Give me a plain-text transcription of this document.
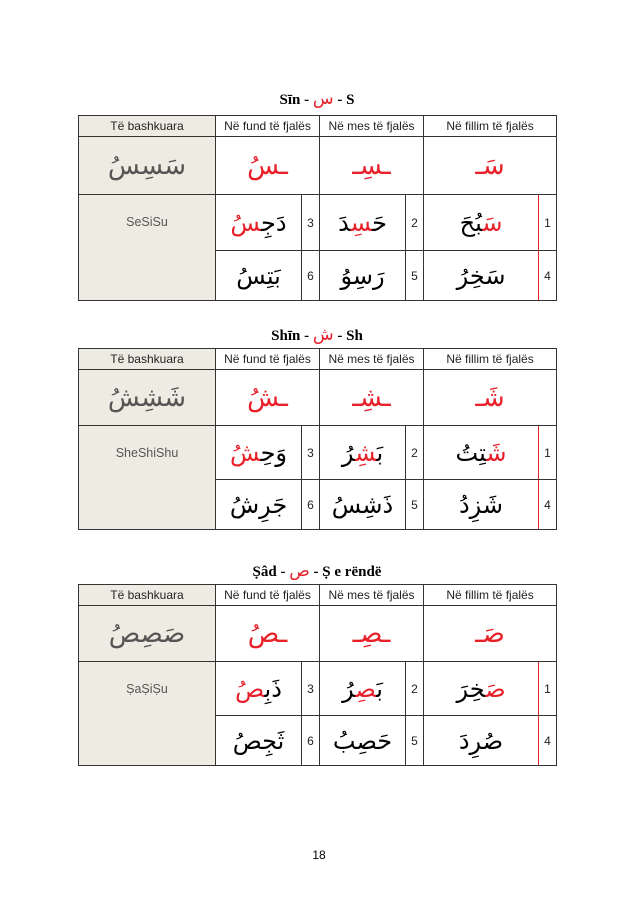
Sīn - س - S
Të bashkuara	Në fund të fjalës		Në mes të fjalës		Në fillim të fjalës	
سَسِسُ	ـسُ		ـسِـ		سَـ	
SeSiSu	دَجِسُ	3	حَسِدَ	2	سَبُحَ	1
	بَتِسُ	6	رَسِوُ	5	سَخِرُ	4
Shīn - ش - Sh
Të bashkuara	Në fund të fjalës		Në mes të fjalës		Në fillim të fjalës	
شَشِشُ	ـشُ		ـشِـ		شَـ	
SheShiShu	وَحِشُ	3	بَشِرُ	2	شَتِتُ	1
	جَرِشُ	6	ذَشِسُ	5	شَزِدُ	4
Ṣâd - ص - Ṣ e rëndë
Të bashkuara	Në fund të fjalës		Në mes të fjalës		Në fillim të fjalës	
صَصِصُ	ـصُ		ـصِـ		صَـ	
ṢaṢiṢu	ذَبِصُ	3	بَصِرُ	2	صَخِرَ	1
	ثَجِصُ	6	حَصِبُ	5	صُرِدَ	4
18
